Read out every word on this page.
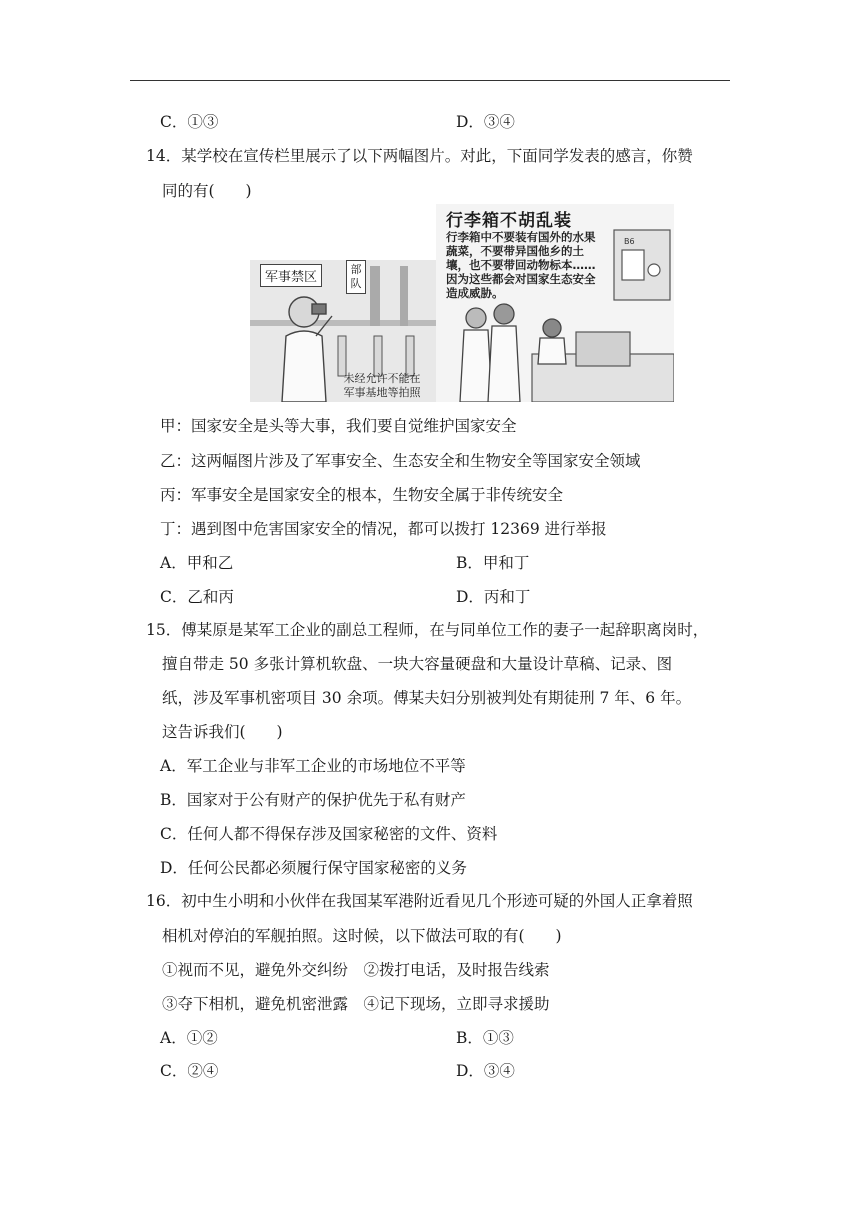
C．①③	D．③④
14．某学校在宣传栏里展示了以下两幅图片。对此，下面同学发表的感言，你赞
同的有(　　)
军事禁区
部队
未经允许不能在
军事基地等拍照
B6
行李箱不胡乱装
行李箱中不要装有国外的水果蔬菜，不要带异国他乡的土壤，也不要带回动物标本……因为这些都会对国家生态安全造成威胁。
甲：国家安全是头等大事，我们要自觉维护国家安全
乙：这两幅图片涉及了军事安全、生态安全和生物安全等国家安全领域
丙：军事安全是国家安全的根本，生物安全属于非传统安全
丁：遇到图中危害国家安全的情况，都可以拨打 12369 进行举报
A．甲和乙	B．甲和丁
C．乙和丙	D．丙和丁
15．傅某原是某军工企业的副总工程师，在与同单位工作的妻子一起辞职离岗时，
擅自带走 50 多张计算机软盘、一块大容量硬盘和大量设计草稿、记录、图
纸，涉及军事机密项目 30 余项。傅某夫妇分别被判处有期徒刑 7 年、6 年。
这告诉我们(　　)
A．军工企业与非军工企业的市场地位不平等
B．国家对于公有财产的保护优先于私有财产
C．任何人都不得保存涉及国家秘密的文件、资料
D．任何公民都必须履行保守国家秘密的义务
16．初中生小明和小伙伴在我国某军港附近看见几个形迹可疑的外国人正拿着照
相机对停泊的军舰拍照。这时候，以下做法可取的有(　　)
①视而不见，避免外交纠纷　②拨打电话，及时报告线索
③夺下相机，避免机密泄露　④记下现场，立即寻求援助
A．①②	B．①③
C．②④	D．③④
